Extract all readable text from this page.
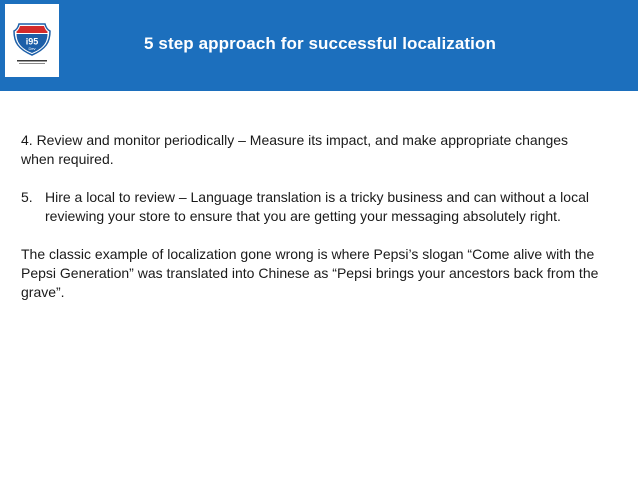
i95
Dev	5 step approach for successful localization

4. Review and monitor periodically – Measure its impact, and make appropriate changes when required.

5. Hire a local to review – Language translation is a tricky business and can without a local reviewing your store to ensure that you are getting your messaging absolutely right.

The classic example of localization gone wrong is where Pepsi’s slogan “Come alive with the Pepsi Generation” was translated into Chinese as “Pepsi brings your ancestors back from the grave”.
